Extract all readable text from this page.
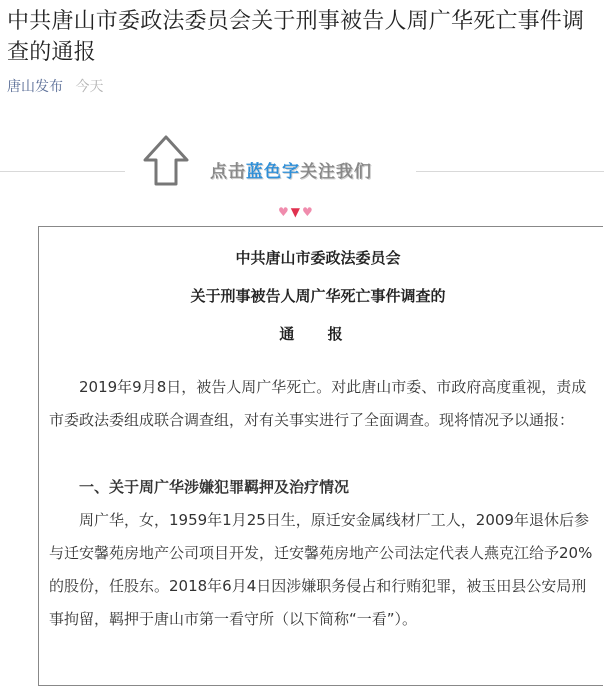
中共唐山市委政法委员会关于刑事被告人周广华死亡事件调查的通报
唐山发布 今天
点击蓝色字关注我们
♥▼♥
中共唐山市委政法委员会
关于刑事被告人周广华死亡事件调查的
通 报

2019年9月8日，被告人周广华死亡。对此唐山市委、市政府高度重视，责成市委政法委组成联合调查组，对有关事实进行了全面调查。现将情况予以通报：

一、关于周广华涉嫌犯罪羁押及治疗情况

周广华，女，1959年1月25日生，原迁安金属线材厂工人，2009年退休后参与迁安馨苑房地产公司项目开发，迁安馨苑房地产公司法定代表人燕克江给予20%的股份，任股东。2018年6月4日因涉嫌职务侵占和行贿犯罪，被玉田县公安局刑事拘留，羁押于唐山市第一看守所（以下简称“一看”）。
